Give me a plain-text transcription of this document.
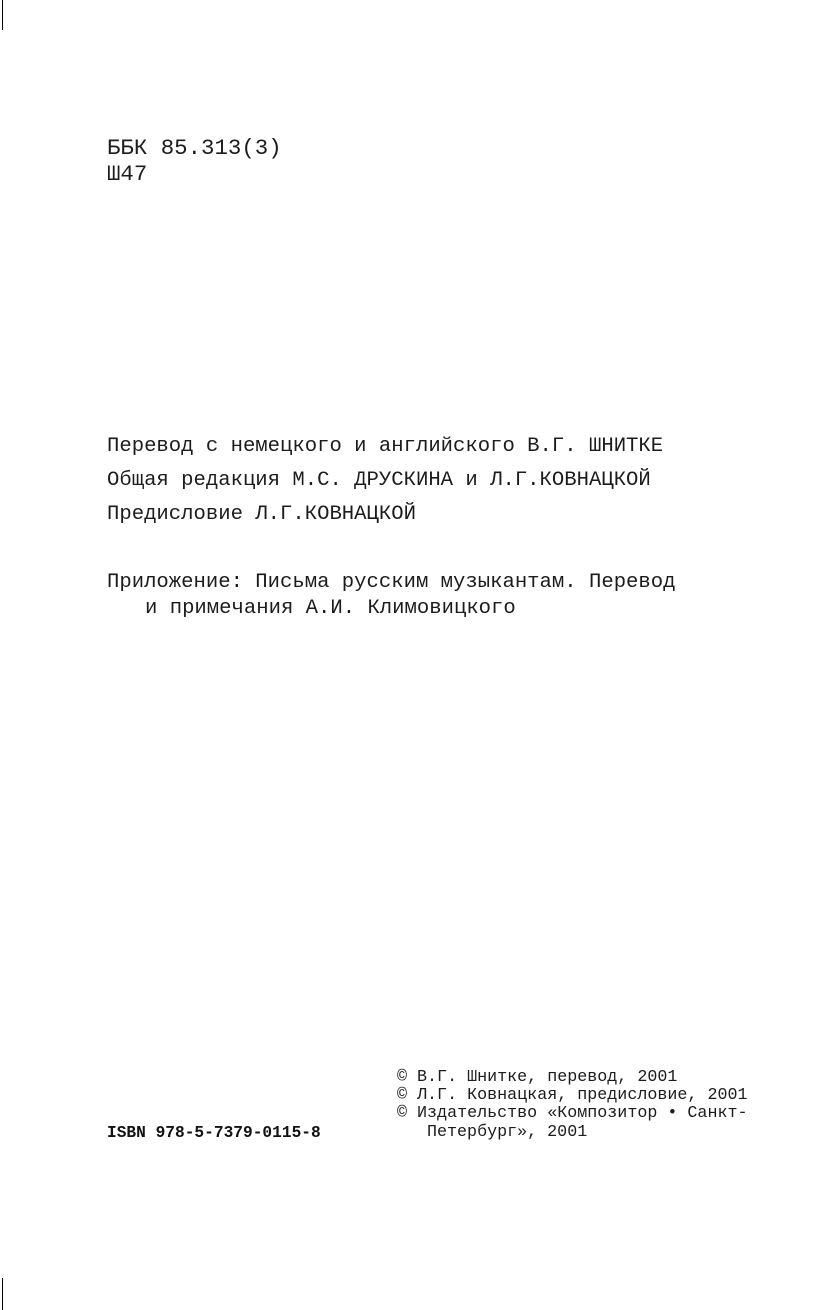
ББК 85.313(3)
Ш47
Перевод с немецкого и английского В.Г. ШНИТКЕ
Общая редакция М.С. ДРУСКИНА и Л.Г.КОВНАЦКОЙ
Предисловие Л.Г.КОВНАЦКОЙ
Приложение: Письма русским музыкантам. Перевод
и примечания А.И. Климовицкого
ISBN 978-5-7379-0115-8
© В.Г. Шнитке, перевод, 2001
© Л.Г. Ковнацкая, предисловие, 2001
© Издательство «Композитор • Санкт-
Петербург», 2001
